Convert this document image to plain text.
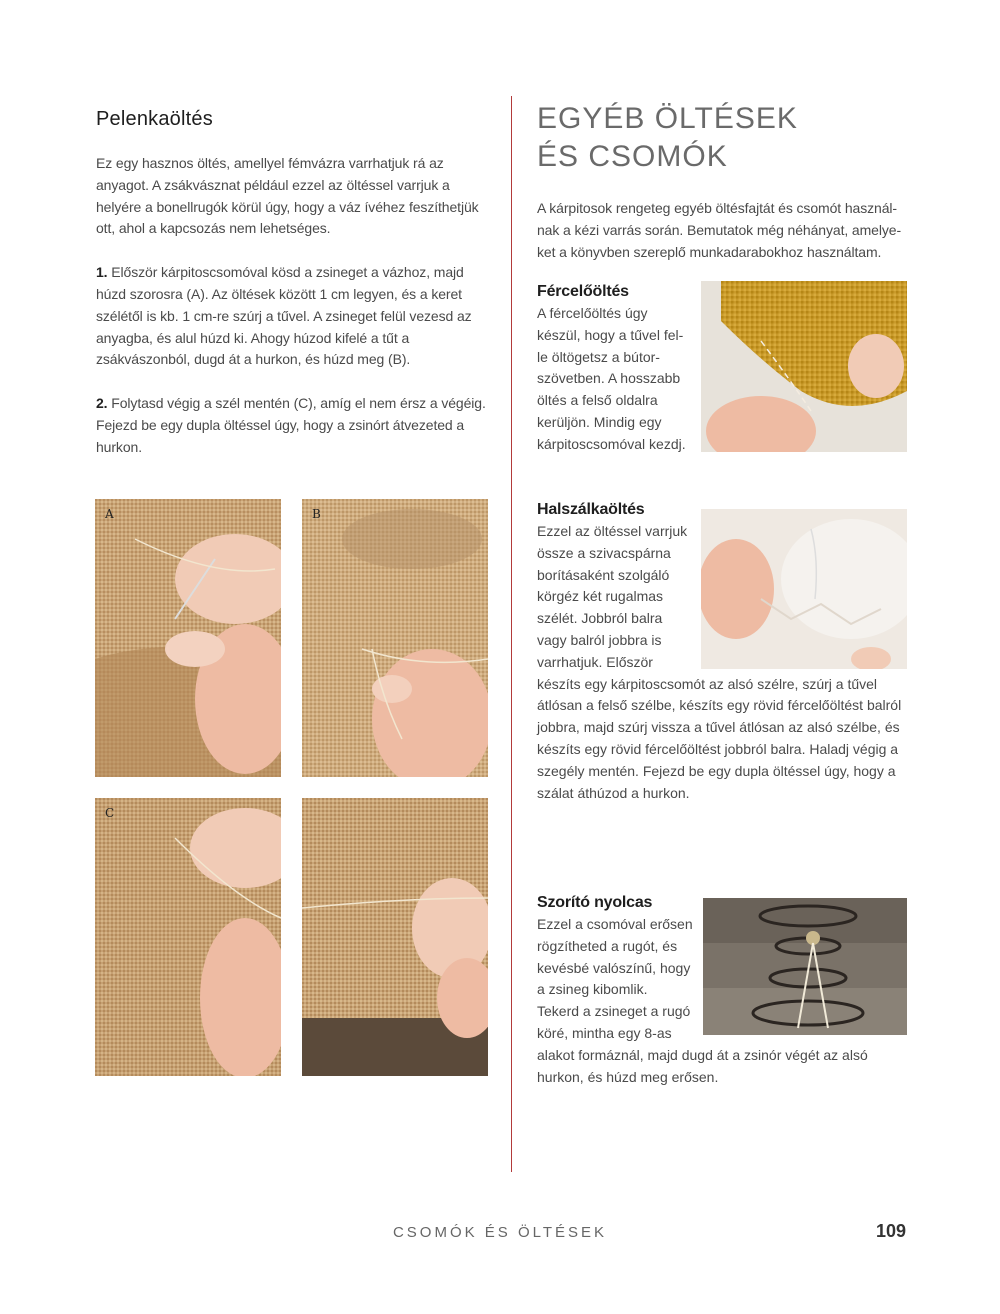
Pelenkaöltés

Ez egy hasznos öltés, amellyel fémvázra varrhatjuk rá az anyagot. A zsákvásznat például ezzel az öltéssel varrjuk a helyére a bonellrugók körül úgy, hogy a váz ívéhez feszíthetjük ott, ahol a kapcsozás nem lehetséges.

1. Először kárpitoscsomóval kösd a zsineget a vázhoz, majd húzd szorosra (A). Az öltések között 1 cm legyen, és a keret szélétől is kb. 1 cm-re szúrj a tűvel. A zsineget felül vezesd az anyagba, és alul húzd ki. Ahogy húzod kifelé a tűt a zsákvászonból, dugd át a hurkon, és húzd meg (B).

2. Folytasd végig a szél mentén (C), amíg el nem érsz a végéig. Fejezd be egy dupla öltéssel úgy, hogy a zsinórt átvezeted a hurkon.

A	B
C
EGYÉB ÖLTÉSEK
ÉS CSOMÓK

A kárpitosok rengeteg egyéb öltésfajtát és csomót használnak a kézi varrás során. Bemutatok még néhányat, amelyeket a könyvben szereplő munkadarabokhoz használtam.

Fércelőöltés
A fércelőöltés úgy készül, hogy a tűvel fel-le öltögetsz a bútorszövetben. A hosszabb öltés a felső oldalra kerüljön. Mindig egy kárpitoscsomóval kezdj.
Halszálkaöltés
Ezzel az öltéssel varrjuk össze a szivacspárna borításaként szolgáló körgéz két rugalmas szélét. Jobbról balra vagy balról jobbra is varrhatjuk. Először készíts egy kárpitoscsomót az alsó szélre, szúrj a tűvel átlósan a felső szélbe, készíts egy rövid fércelőöltést balról jobbra, majd szúrj vissza a tűvel átlósan az alsó szélbe, és készíts egy rövid fércelőöltést jobbról balra. Haladj végig a szegély mentén. Fejezd be egy dupla öltéssel úgy, hogy a szálat áthúzod a hurkon.
Szorító nyolcas
Ezzel a csomóval erősen rögzítheted a rugót, és kevésbé valószínű, hogy a zsineg kibomlik. Tekerd a zsineget a rugó köré, mintha egy 8-as alakot formáznál, majd dugd át a zsinór végét az alsó hurkon, és húzd meg erősen.
CSOMÓK ÉS ÖLTÉSEK	109
